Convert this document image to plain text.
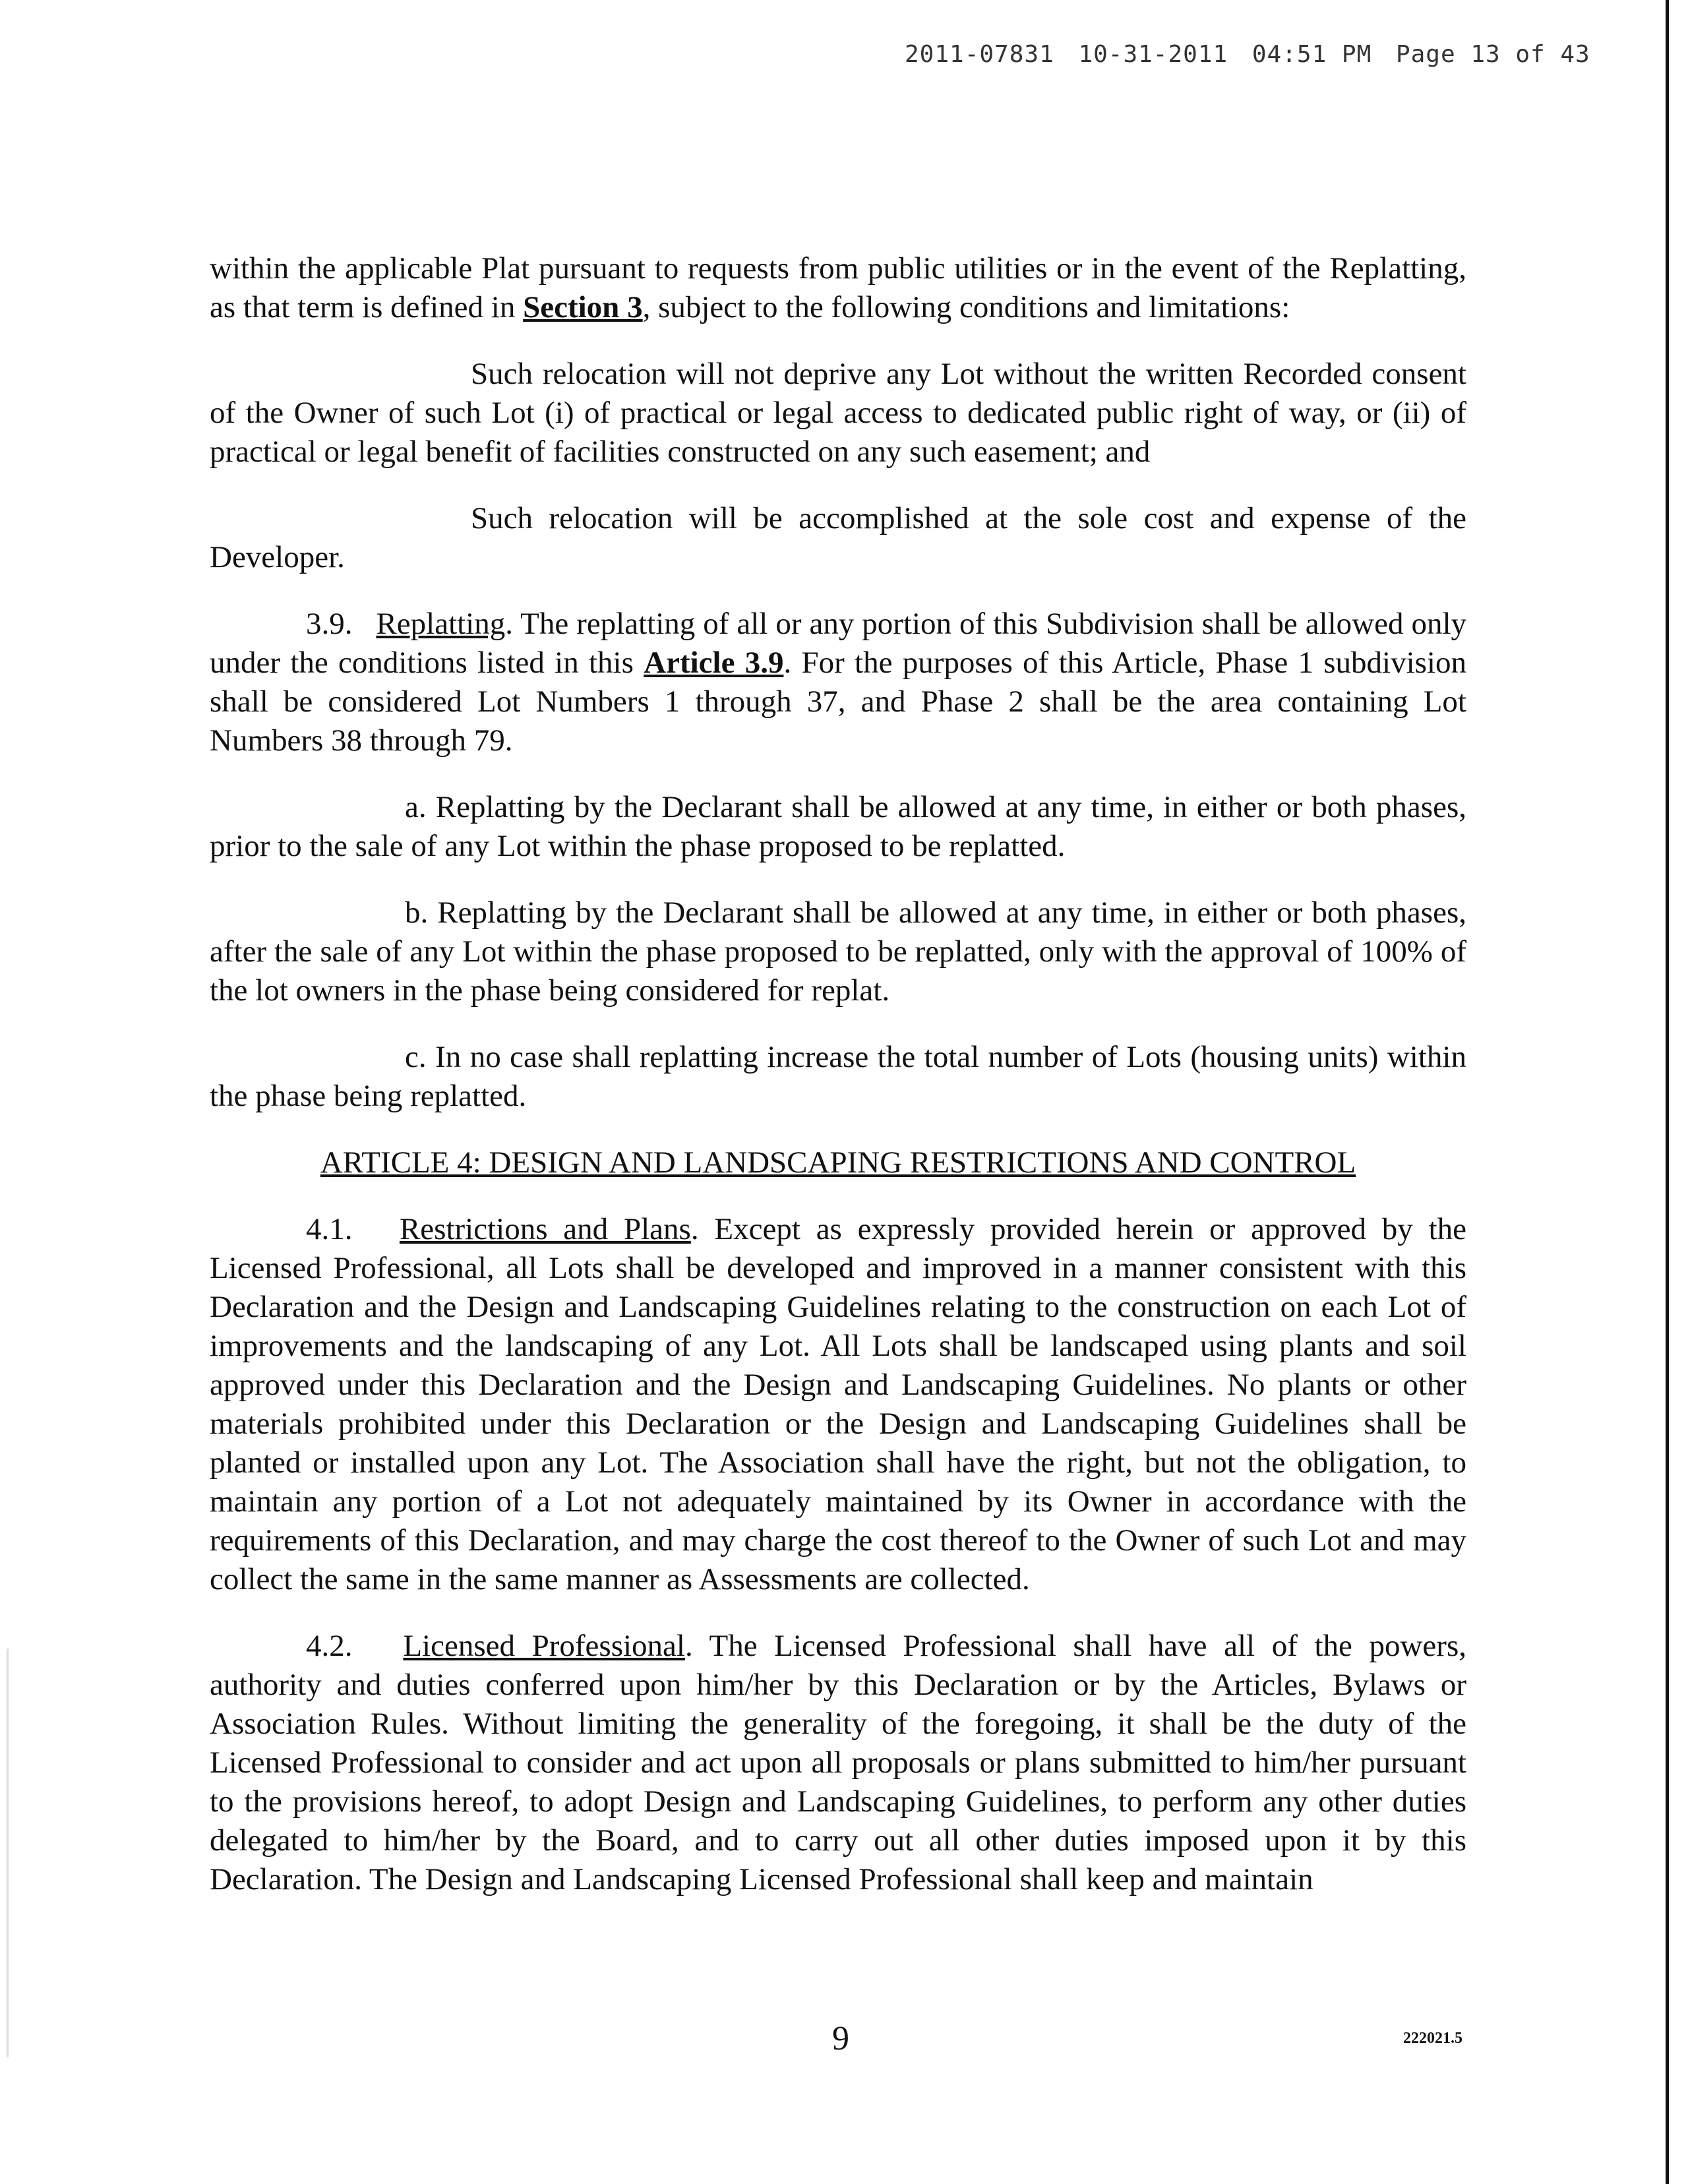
2011-07831 10-31-2011 04:51 PM Page 13 of 43

within the applicable Plat pursuant to requests from public utilities or in the event of the Replatting, as that term is defined in Section 3, subject to the following conditions and limitations:

Such relocation will not deprive any Lot without the written Recorded consent of the Owner of such Lot (i) of practical or legal access to dedicated public right of way, or (ii) of practical or legal benefit of facilities constructed on any such easement; and

Such relocation will be accomplished at the sole cost and expense of the Developer.

3.9. Replatting. The replatting of all or any portion of this Subdivision shall be allowed only under the conditions listed in this Article 3.9. For the purposes of this Article, Phase 1 subdivision shall be considered Lot Numbers 1 through 37, and Phase 2 shall be the area containing Lot Numbers 38 through 79.

a. Replatting by the Declarant shall be allowed at any time, in either or both phases, prior to the sale of any Lot within the phase proposed to be replatted.

b. Replatting by the Declarant shall be allowed at any time, in either or both phases, after the sale of any Lot within the phase proposed to be replatted, only with the approval of 100% of the lot owners in the phase being considered for replat.

c. In no case shall replatting increase the total number of Lots (housing units) within the phase being replatted.

ARTICLE 4: DESIGN AND LANDSCAPING RESTRICTIONS AND CONTROL

4.1. Restrictions and Plans. Except as expressly provided herein or approved by the Licensed Professional, all Lots shall be developed and improved in a manner consistent with this Declaration and the Design and Landscaping Guidelines relating to the construction on each Lot of improvements and the landscaping of any Lot. All Lots shall be landscaped using plants and soil approved under this Declaration and the Design and Landscaping Guidelines. No plants or other materials prohibited under this Declaration or the Design and Landscaping Guidelines shall be planted or installed upon any Lot. The Association shall have the right, but not the obligation, to maintain any portion of a Lot not adequately maintained by its Owner in accordance with the requirements of this Declaration, and may charge the cost thereof to the Owner of such Lot and may collect the same in the same manner as Assessments are collected.

4.2. Licensed Professional. The Licensed Professional shall have all of the powers, authority and duties conferred upon him/her by this Declaration or by the Articles, Bylaws or Association Rules. Without limiting the generality of the foregoing, it shall be the duty of the Licensed Professional to consider and act upon all proposals or plans submitted to him/her pursuant to the provisions hereof, to adopt Design and Landscaping Guidelines, to perform any other duties delegated to him/her by the Board, and to carry out all other duties imposed upon it by this Declaration. The Design and Landscaping Licensed Professional shall keep and maintain

9	222021.5
